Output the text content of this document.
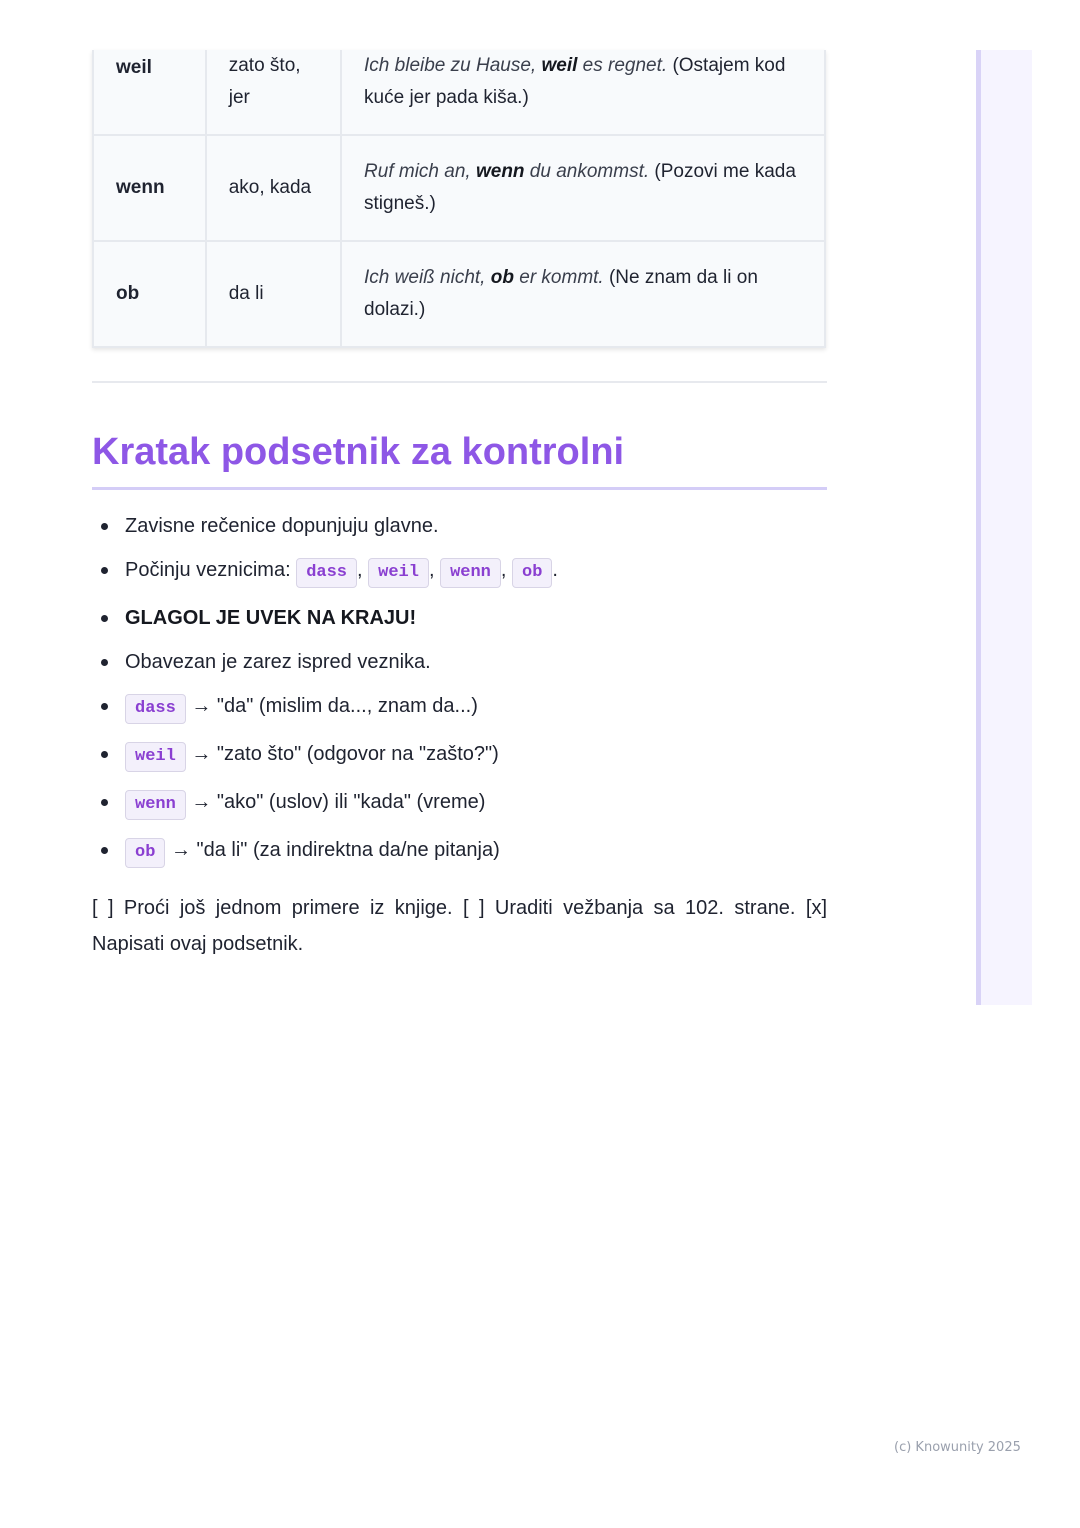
weil	zato što, jer	Ich bleibe zu Hause, weil es regnet. (Ostajem kod kuće jer pada kiša.)
wenn	ako, kada	Ruf mich an, wenn du ankommst. (Pozovi me kada stigneš.)
ob	da li	Ich weiß nicht, ob er kommt. (Ne znam da li on dolazi.)
Kratak podsetnik za kontrolni
Zavisne rečenice dopunjuju glavne.
Počinju veznicima: dass , weil , wenn , ob .
GLAGOL JE UVEK NA KRAJU!
Obavezan je zarez ispred veznika.
dass → "da" (mislim da..., znam da...)
weil → "zato što" (odgovor na "zašto?")
wenn → "ako" (uslov) ili "kada" (vreme)
ob → "da li" (za indirektna da/ne pitanja)

[ ] Proći još jednom primere iz knjige. [ ] Uraditi vežbanja sa 102. strane. [x] Napisati ovaj podsetnik.

(c) Knowunity 2025
